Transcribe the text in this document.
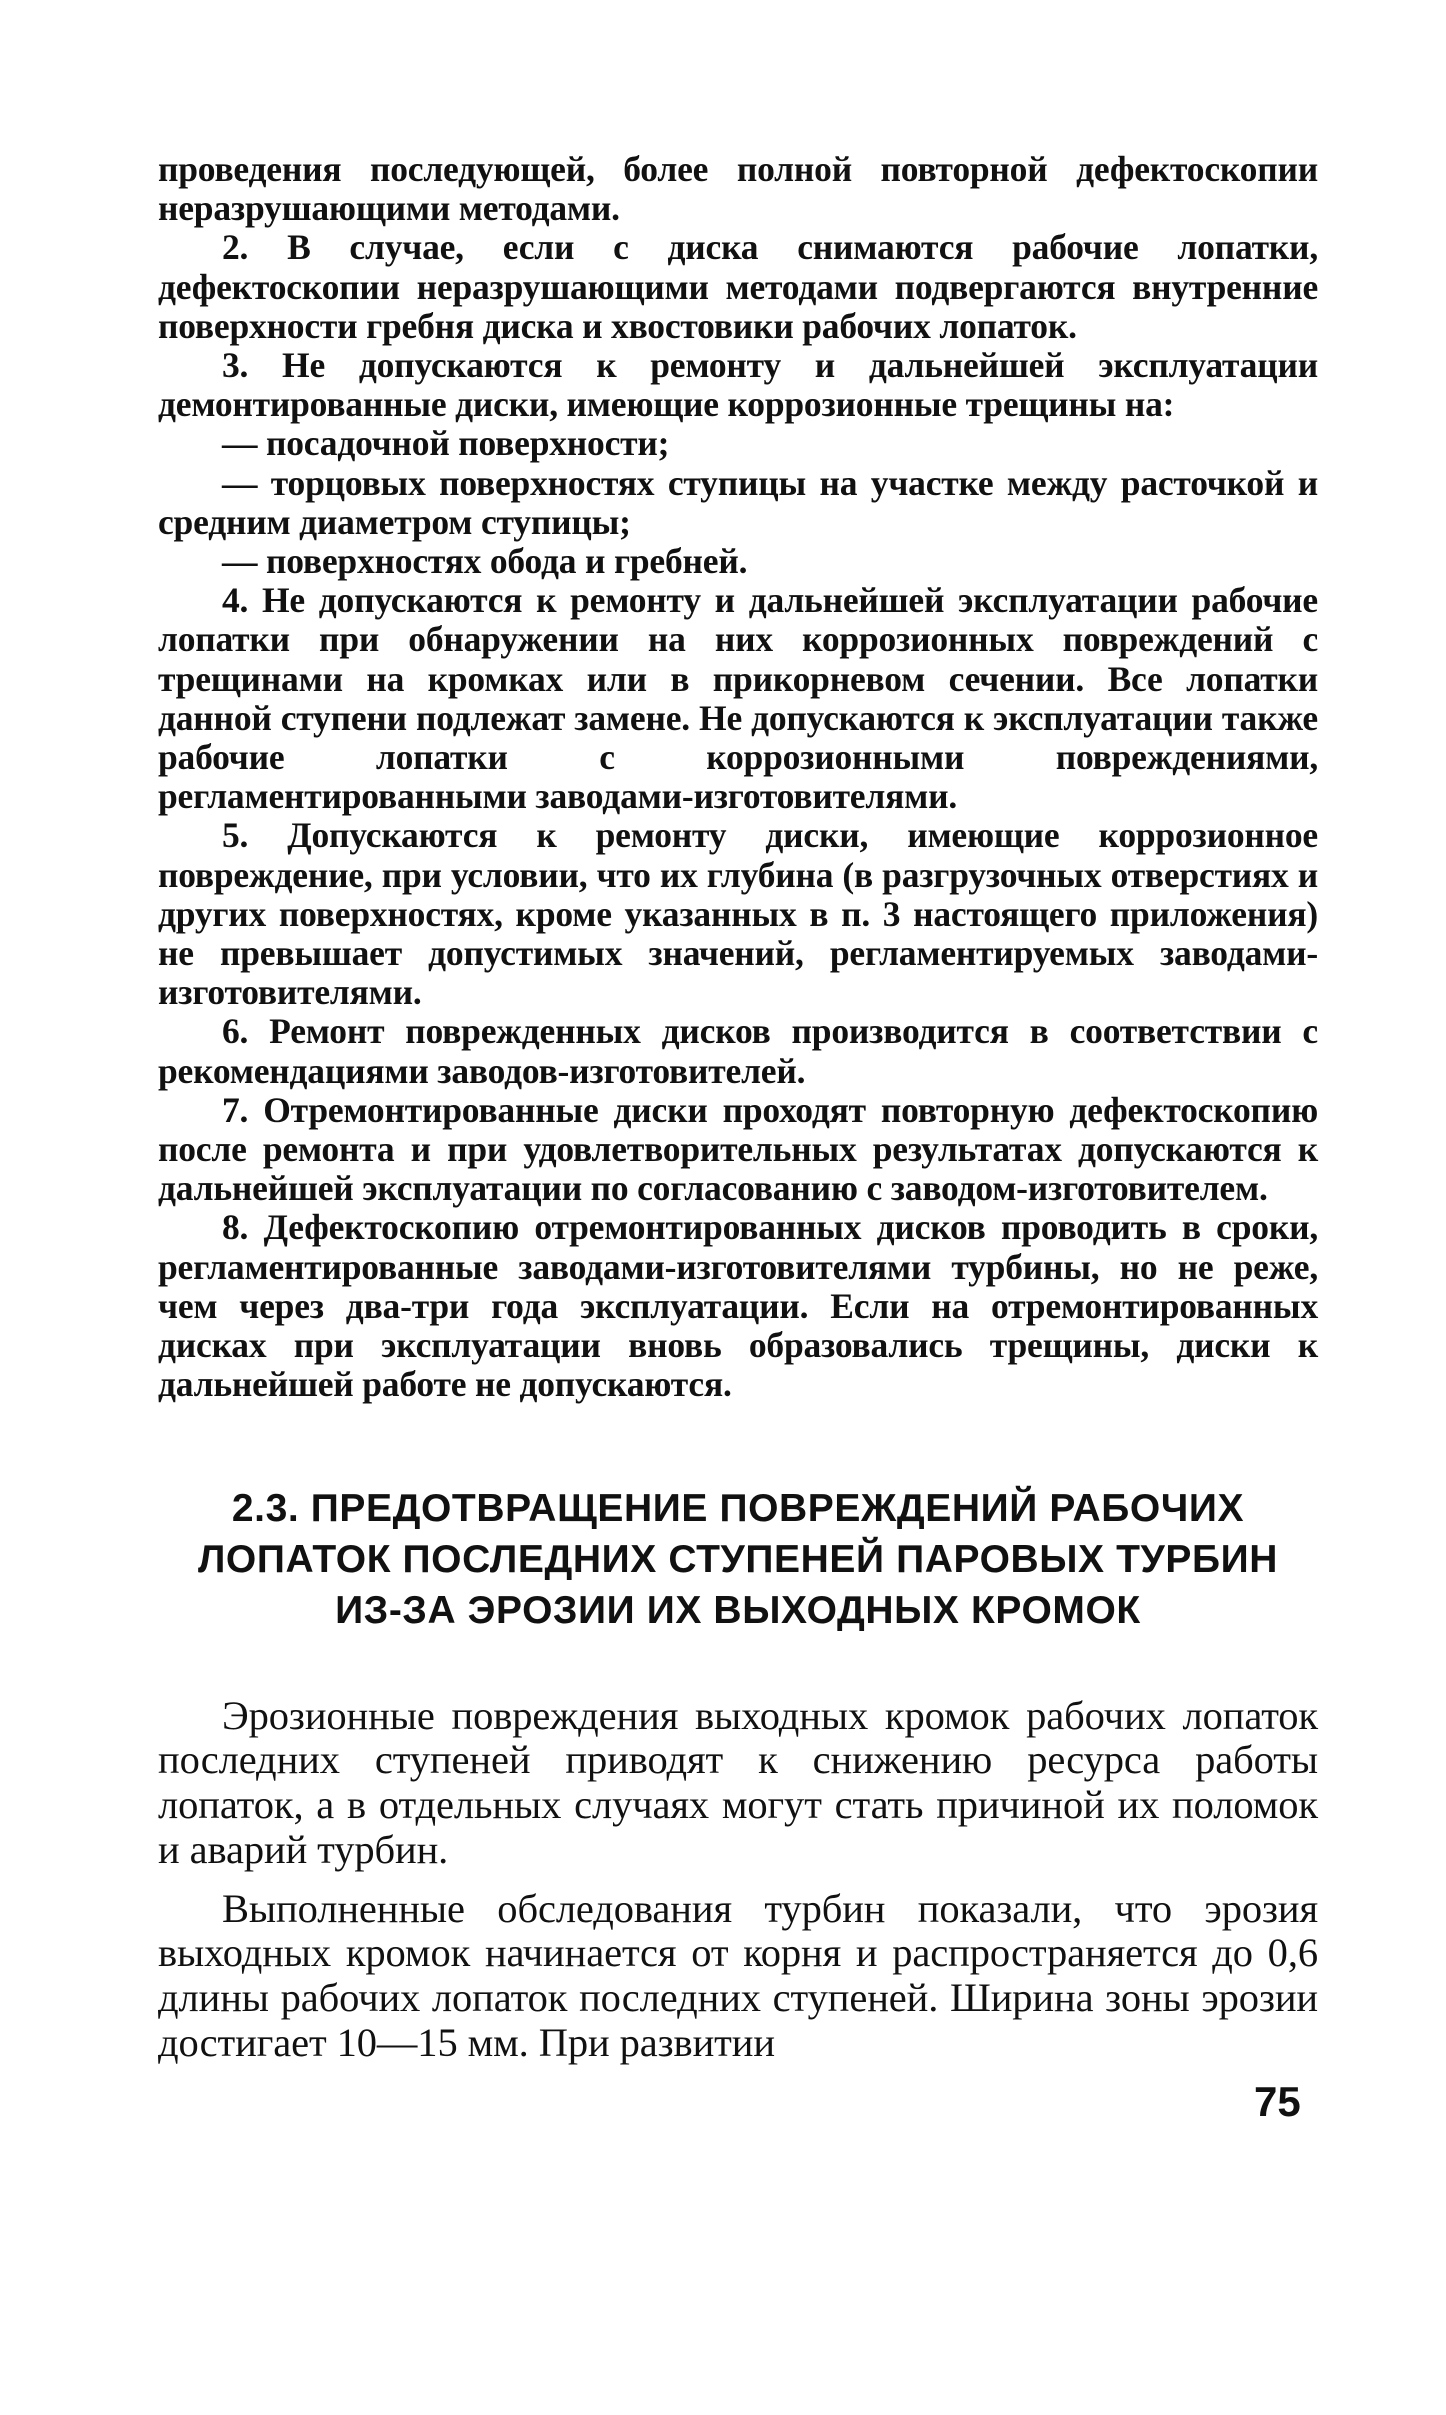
проведения последующей, более полной повторной дефектоскопии неразрушающими методами.

2. В случае, если с диска снимаются рабочие лопатки, дефектоскопии неразрушающими методами подвергаются внутренние поверхности гребня диска и хвостовики рабочих лопаток.

3. Не допускаются к ремонту и дальнейшей эксплуатации демонтированные диски, имеющие коррозионные трещины на:

— посадочной поверхности;

— торцовых поверхностях ступицы на участке между расточкой и средним диаметром ступицы;

— поверхностях обода и гребней.

4. Не допускаются к ремонту и дальнейшей эксплуатации рабочие лопатки при обнаружении на них коррозионных повреждений с трещинами на кромках или в прикорневом сечении. Все лопатки данной ступени подлежат замене. Не допускаются к эксплуатации также рабочие лопатки с коррозионными повреждениями, регламентированными заводами-изготовителями.

5. Допускаются к ремонту диски, имеющие коррозионное повреждение, при условии, что их глубина (в разгрузочных отверстиях и других поверхностях, кроме указанных в п. 3 настоящего приложения) не превышает допустимых значений, регламентируемых заводами-изготовителями.

6. Ремонт поврежденных дисков производится в соответствии с рекомендациями заводов-изготовителей.

7. Отремонтированные диски проходят повторную дефектоскопию после ремонта и при удовлетворительных результатах допускаются к дальнейшей эксплуатации по согласованию с заводом-изготовителем.

8. Дефектоскопию отремонтированных дисков проводить в сроки, регламентированные заводами-изготовителями турбины, но не реже, чем через два-три года эксплуатации. Если на отремонтированных дисках при эксплуатации вновь образовались трещины, диски к дальнейшей работе не допускаются.

2.3. ПРЕДОТВРАЩЕНИЕ ПОВРЕЖДЕНИЙ РАБОЧИХ
ЛОПАТОК ПОСЛЕДНИХ СТУПЕНЕЙ ПАРОВЫХ ТУРБИН
ИЗ-ЗА ЭРОЗИИ ИХ ВЫХОДНЫХ КРОМОК

Эрозионные повреждения выходных кромок рабочих лопаток последних ступеней приводят к снижению ресурса работы лопаток, а в отдельных случаях могут стать причиной их поломок и аварий турбин.

Выполненные обследования турбин показали, что эрозия выходных кромок начинается от корня и распространяется до 0,6 длины рабочих лопаток последних ступеней. Ширина зоны эрозии достигает 10—15 мм. При развитии

75
